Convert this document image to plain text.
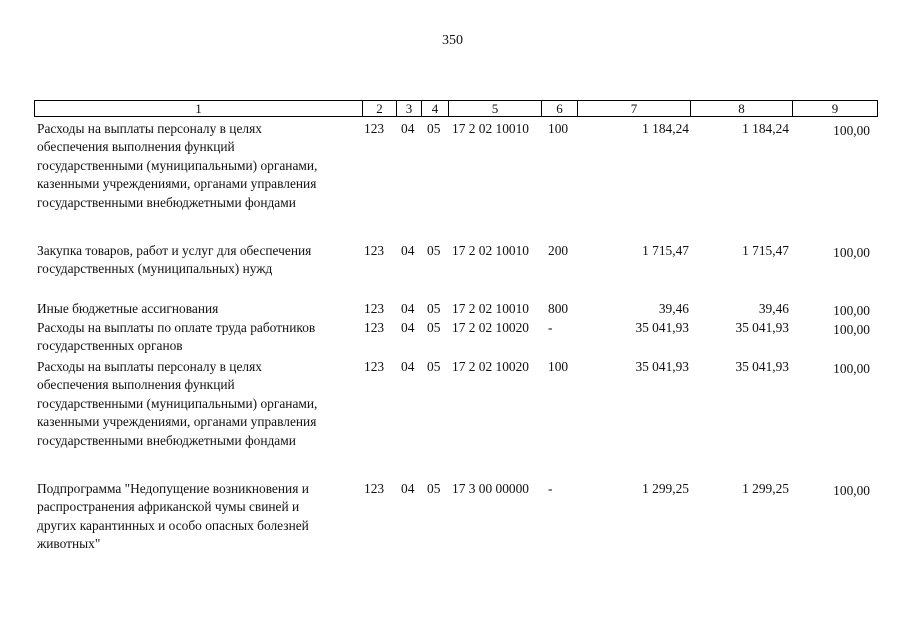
350
1	2	3	4	5	6	7	8	9
Расходы на выплаты персоналу в целях
обеспечения выполнения функций
государственными (муниципальными) органами,
казенными учреждениями, органами управления
государственными внебюджетными фондами
123	04 05 17 2 02 10010	100	1 184,24	1 184,24	100,00
Закупка товаров, работ и услуг для обеспечения
государственных (муниципальных) нужд
123	04 05 17 2 02 10010	200	1 715,47	1 715,47	100,00
Иные бюджетные ассигнования	123	04 05 17 2 02 10010	800	39,46	39,46	100,00
Расходы на выплаты по оплате труда работников
государственных органов
123	04 05 17 2 02 10020	-	35 041,93	35 041,93	100,00
Расходы на выплаты персоналу в целях
обеспечения выполнения функций
государственными (муниципальными) органами,
казенными учреждениями, органами управления
государственными внебюджетными фондами
123	04 05 17 2 02 10020	100	35 041,93	35 041,93	100,00
Подпрограмма "Недопущение возникновения и
распространения африканской чумы свиней и
других карантинных и особо опасных болезней
животных"
123	04 05 17 3 00 00000	-	1 299,25	1 299,25	100,00
